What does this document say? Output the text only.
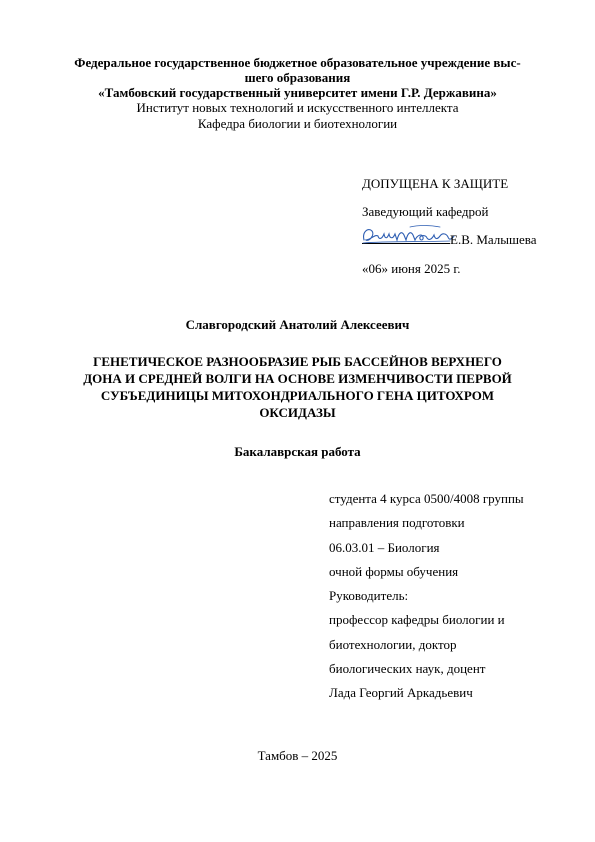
Федеральное государственное бюджетное образовательное учреждение выс-
шего образования
«Тамбовский государственный университет имени Г.Р. Державина»
Институт новых технологий и искусственного интеллекта
Кафедра биологии и биотехнологии
ДОПУЩЕНА К ЗАЩИТЕ
Заведующий кафедрой
Е.В. Малышева
«06» июня 2025 г.
Славгородский Анатолий Алексеевич
ГЕНЕТИЧЕСКОЕ РАЗНООБРАЗИЕ РЫБ БАССЕЙНОВ ВЕРХНЕГО
ДОНА И СРЕДНЕЙ ВОЛГИ НА ОСНОВЕ ИЗМЕНЧИВОСТИ ПЕРВОЙ
СУБЪЕДИНИЦЫ МИТОХОНДРИАЛЬНОГО ГЕНА ЦИТОХРОМ
ОКСИДАЗЫ
Бакалаврская работа
студента 4 курса 0500/4008 группы
направления подготовки
06.03.01 – Биология
очной формы обучения
Руководитель:
профессор кафедры биологии и
биотехнологии, доктор
биологических наук, доцент
Лада Георгий Аркадьевич
Тамбов – 2025
